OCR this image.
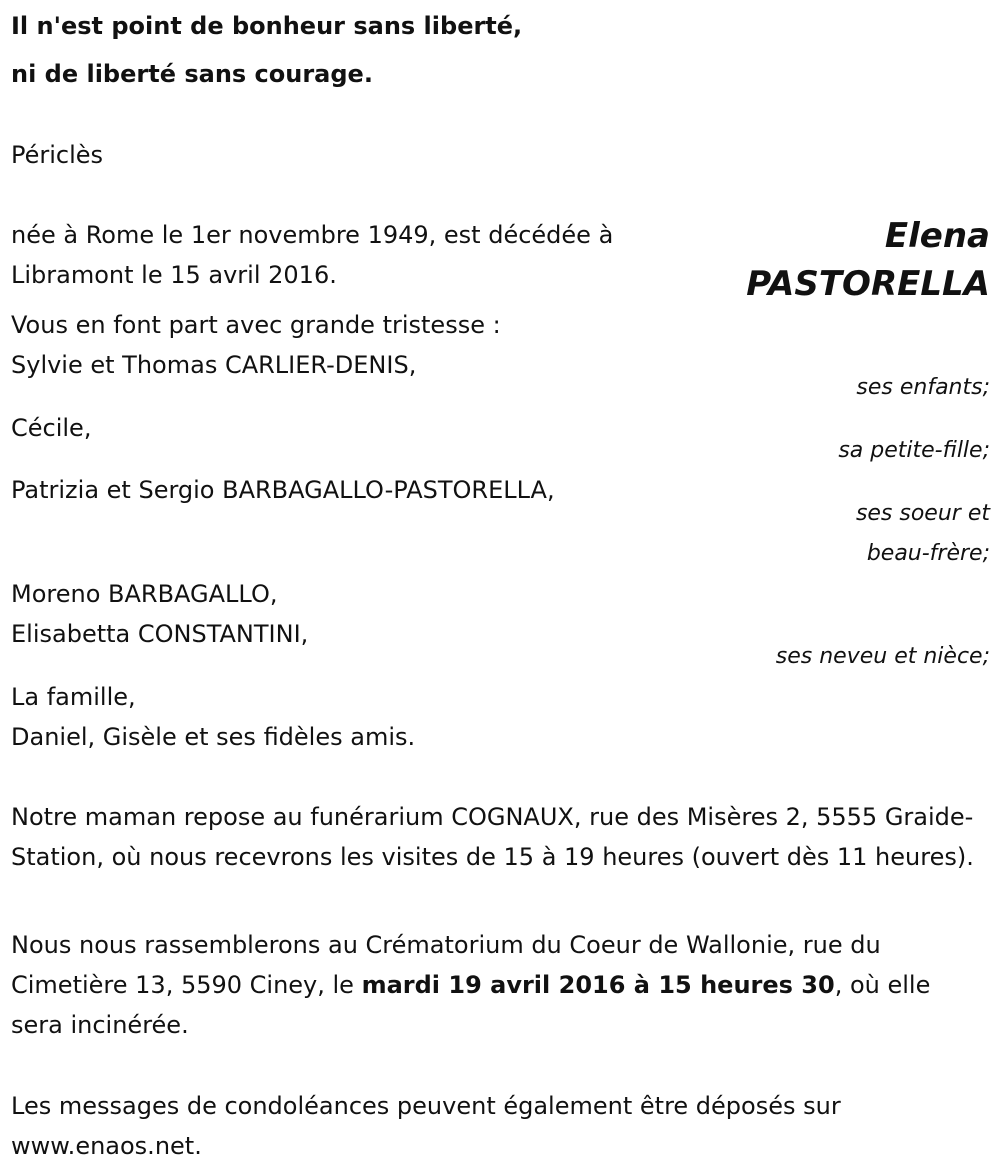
Il n'est point de bonheur sans liberté,
ni de liberté sans courage.
Périclès
née à Rome le 1er novembre 1949, est décédée à
Libramont le 15 avril 2016.
Elena
PASTORELLA
Vous en font part avec grande tristesse :
Sylvie et Thomas CARLIER-DENIS,
ses enfants;
Cécile,
sa petite-fille;
Patrizia et Sergio BARBAGALLO-PASTORELLA,
ses soeur et
beau-frère;
Moreno BARBAGALLO,
Elisabetta CONSTANTINI,
ses neveu et nièce;
La famille,
Daniel, Gisèle et ses fidèles amis.
Notre maman repose au funérarium COGNAUX, rue des Misères 2, 5555 Graide-Station, où nous recevrons les visites de 15 à 19 heures (ouvert dès 11 heures).
Nous nous rassemblerons au Crématorium du Coeur de Wallonie, rue du Cimetière 13, 5590 Ciney, le mardi 19 avril 2016 à 15 heures 30, où elle sera incinérée.
Les messages de condoléances peuvent également être déposés sur www.enaos.net.
